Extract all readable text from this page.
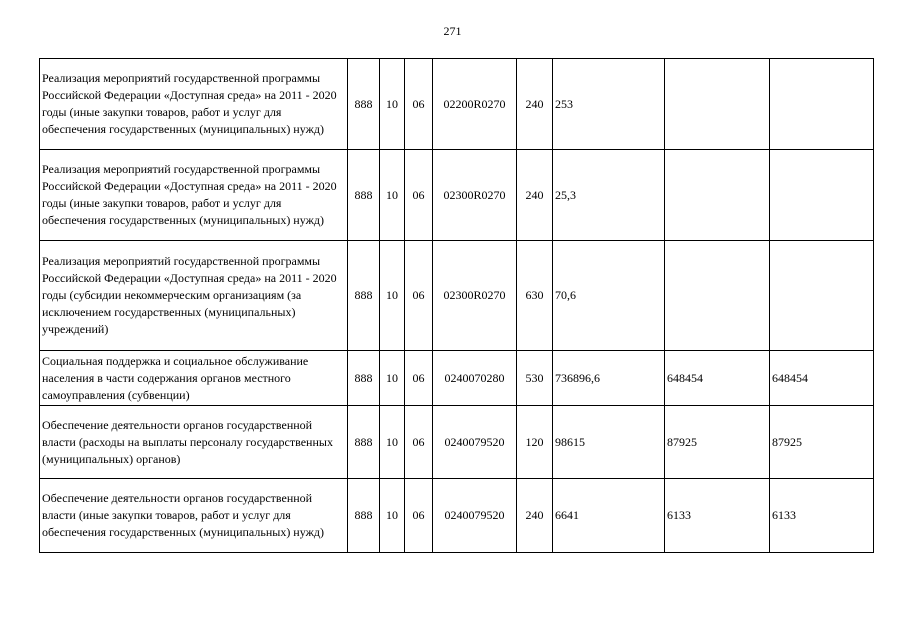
271
Реализация мероприятий государственной программы Российской Федерации «Доступная среда» на 2011 - 2020 годы (иные закупки товаров, работ и услуг для обеспечения государственных (муниципальных) нужд)	888	10	06	02200R0270	240	253		
Реализация мероприятий государственной программы Российской Федерации «Доступная среда» на 2011 - 2020 годы (иные закупки товаров, работ и услуг для обеспечения государственных (муниципальных) нужд)	888	10	06	02300R0270	240	25,3		
Реализация мероприятий государственной программы Российской Федерации «Доступная среда» на 2011 - 2020 годы (субсидии некоммерческим организациям (за исключением государственных (муниципальных) учреждений)	888	10	06	02300R0270	630	70,6		
Социальная поддержка и социальное обслуживание населения в части содержания органов местного самоуправления (субвенции)	888	10	06	0240070280	530	736896,6	648454	648454
Обеспечение деятельности органов государственной власти (расходы на выплаты персоналу государственных (муниципальных) органов)	888	10	06	0240079520	120	98615	87925	87925
Обеспечение деятельности органов государственной власти (иные закупки товаров, работ и услуг для обеспечения государственных (муниципальных) нужд)	888	10	06	0240079520	240	6641	6133	6133
